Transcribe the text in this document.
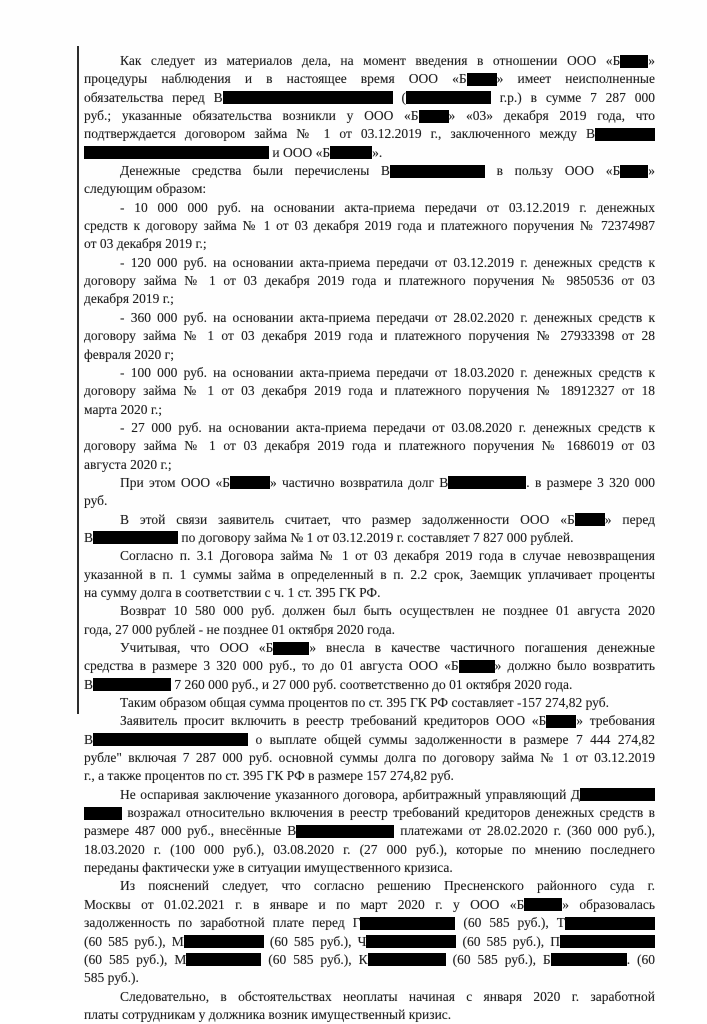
Как следует из материалов дела, на момент введения в отношении ООО «Б »
процедуры наблюдения и в настоящее время ООО «Б » имеет неисполненные
обязательства перед В	(	г.р.) в сумме 7 287 000
руб.; указанные обязательства возникли у ООО «Б » «03» декабря 2019 года, что
подтверждается договором займа № 1 от 03.12.2019 г., заключенного между В
и ООО «Б	».
Денежные средства были перечислены В	в пользу ООО «Б »
следующим образом:
- 10 000 000 руб. на основании акта-приема передачи от 03.12.2019 г. денежных
средств к договору займа № 1 от 03 декабря 2019 года и платежного поручения № 72374987
от 03 декабря 2019 г.;
- 120 000 руб. на основании акта-приема передачи от 03.12.2019 г. денежных средств к
договору займа № 1 от 03 декабря 2019 года и платежного поручения № 9850536 от 03
декабря 2019 г.;
- 360 000 руб. на основании акта-приема передачи от 28.02.2020 г. денежных средств к
договору займа № 1 от 03 декабря 2019 года и платежного поручения № 27933398 от 28
февраля 2020 г;
- 100 000 руб. на основании акта-приема передачи от 18.03.2020 г. денежных средств к
договору займа № 1 от 03 декабря 2019 года и платежного поручения № 18912327 от 18
марта 2020 г.;
- 27 000 руб. на основании акта-приема передачи от 03.08.2020 г. денежных средств к
договору займа № 1 от 03 декабря 2019 года и платежного поручения № 1686019 от 03
августа 2020 г.;
При этом ООО «Б	» частично возвратила долг В	. в размере 3 320 000
руб.
В этой связи заявитель считает, что размер задолженности ООО «Б » перед
В	по договору займа № 1 от 03.12.2019 г. составляет 7 827 000 рублей.
Согласно п. 3.1 Договора займа № 1 от 03 декабря 2019 года в случае невозвращения
указанной в п. 1 суммы займа в определенный в п. 2.2 срок, Заемщик уплачивает проценты
на сумму долга в соответствии с ч. 1 ст. 395 ГК РФ.
Возврат 10 580 000 руб. должен был быть осуществлен не позднее 01 августа 2020
года, 27 000 рублей - не позднее 01 октября 2020 года.
Учитывая, что ООО «Б	» внесла в качестве частичного погашения денежные
средства в размере 3 320 000 руб., то до 01 августа ООО «Б	» должно было возвратить
В	7 260 000 руб., и 27 000 руб. соответственно до 01 октября 2020 года.
Таким образом общая сумма процентов по ст. 395 ГК РФ составляет -157 274,82 руб.
Заявитель просит включить в реестр требований кредиторов ООО «Б » требования
В	о выплате общей суммы задолженности в размере 7 444 274,82
рубле" включая 7 287 000 руб. основной суммы долга по договору займа № 1 от 03.12.2019
г., а также процентов по ст. 395 ГК РФ в размере 157 274,82 руб.
Не оспаривая заключение указанного договора, арбитражный управляющий Д
возражал относительно включения в реестр требований кредиторов денежных средств в
размере 487 000 руб., внесённые В	платежами от 28.02.2020 г. (360 000 руб.),
18.03.2020 г. (100 000 руб.), 03.08.2020 г. (27 000 руб.), которые по мнению последнего
переданы фактически уже в ситуации имущественного кризиса.
Из пояснений следует, что согласно решению Пресненского районного суда г.
Москвы от 01.02.2021 г. в январе и по март 2020 г. у ООО «Б	» образовалась
задолженность по заработной плате перед Г	(60 585 руб.), Т
(60 585 руб.), М	(60 585 руб.), Ч	(60 585 руб.), П
(60 585 руб.), М	(60 585 руб.), К	(60 585 руб.), Б	. (60
585 руб.).
Следовательно, в обстоятельствах неоплаты начиная с января 2020 г. заработной
платы сотрудникам у должника возник имущественный кризис.
